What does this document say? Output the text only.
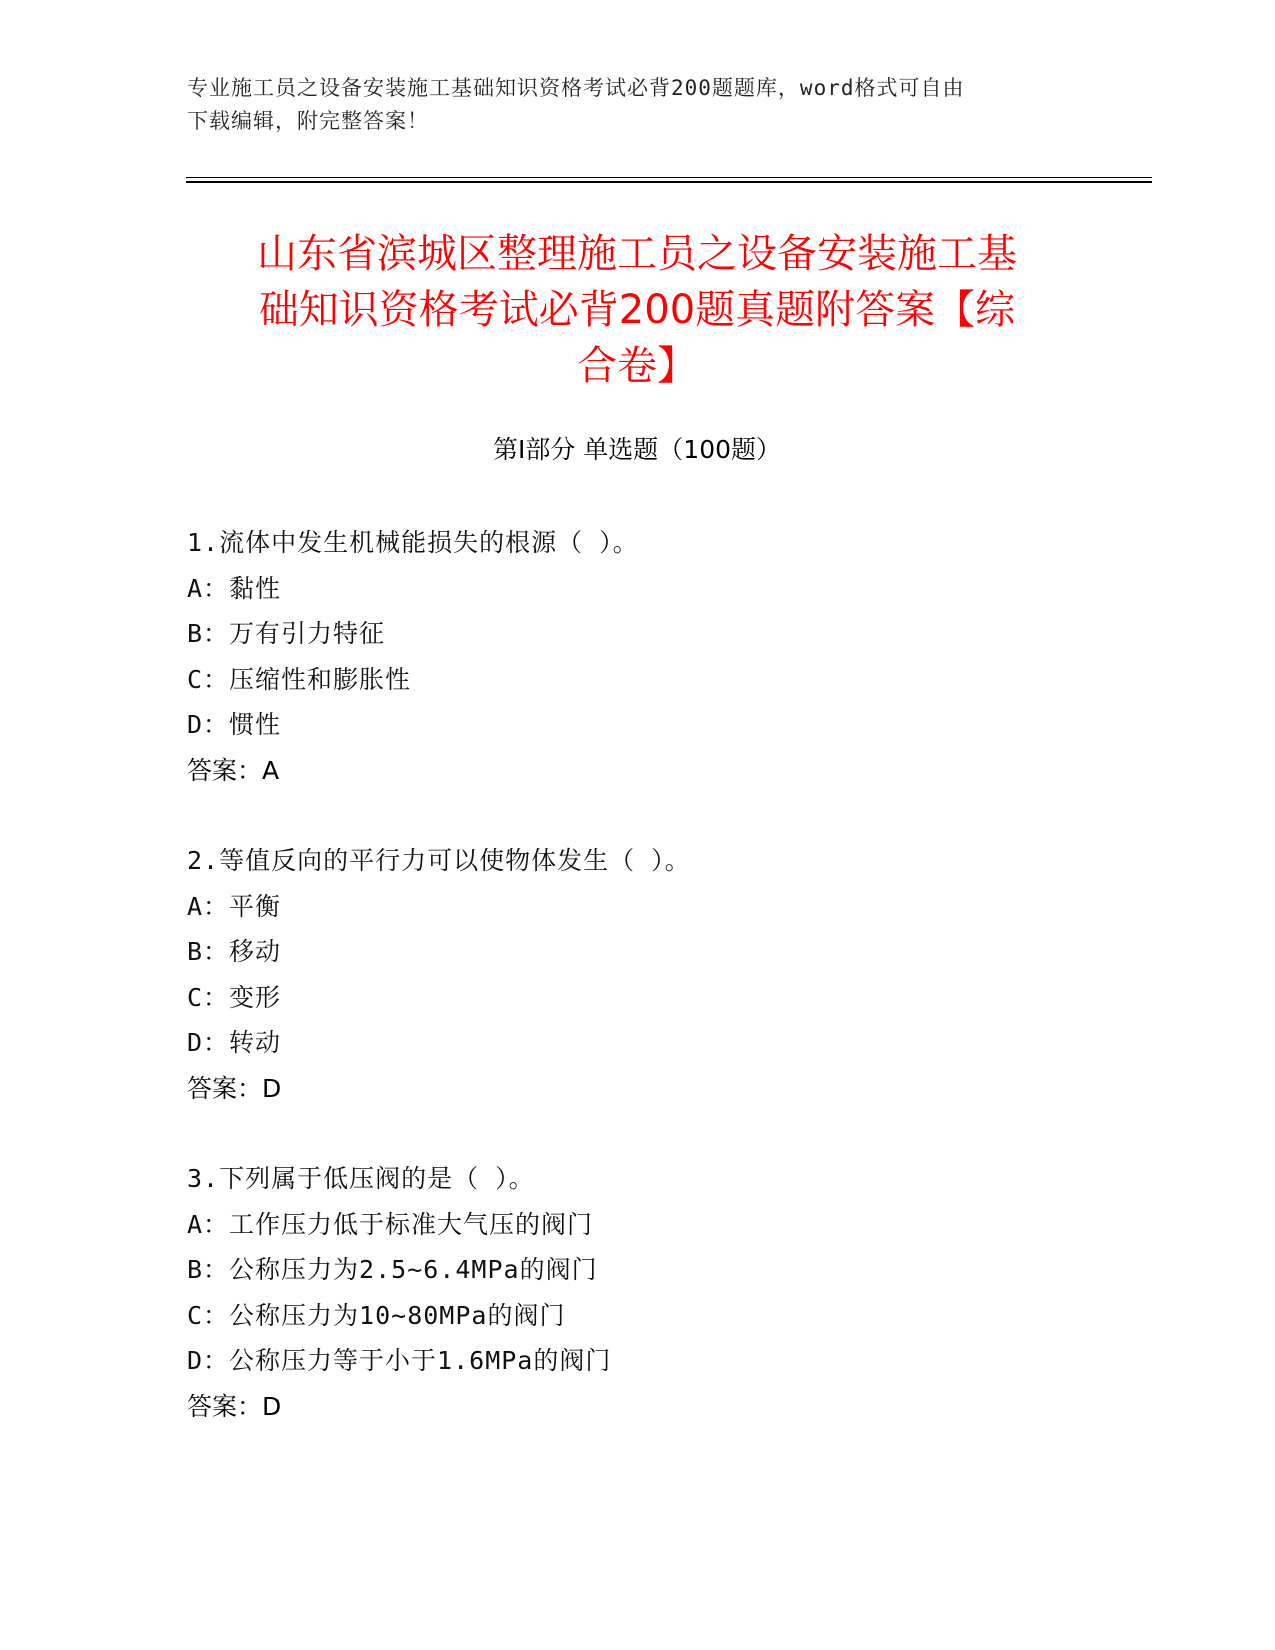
专业施工员之设备安装施工基础知识资格考试必背200题题库，word格式可自由
下载编辑，附完整答案！
山东省滨城区整理施工员之设备安装施工基
础知识资格考试必背200题真题附答案【综
合卷】
第Ⅰ部分 单选题（100题）
1.流体中发生机械能损失的根源（ ）。
A：黏性
B：万有引力特征
C：压缩性和膨胀性
D：惯性
答案：A
2.等值反向的平行力可以使物体发生（ ）。
A：平衡
B：移动
C：变形
D：转动
答案：D
3.下列属于低压阀的是（ ）。
A：工作压力低于标准大气压的阀门
B：公称压力为2.5~6.4MPa的阀门
C：公称压力为10~80MPa的阀门
D：公称压力等于小于1.6MPa的阀门
答案：D
